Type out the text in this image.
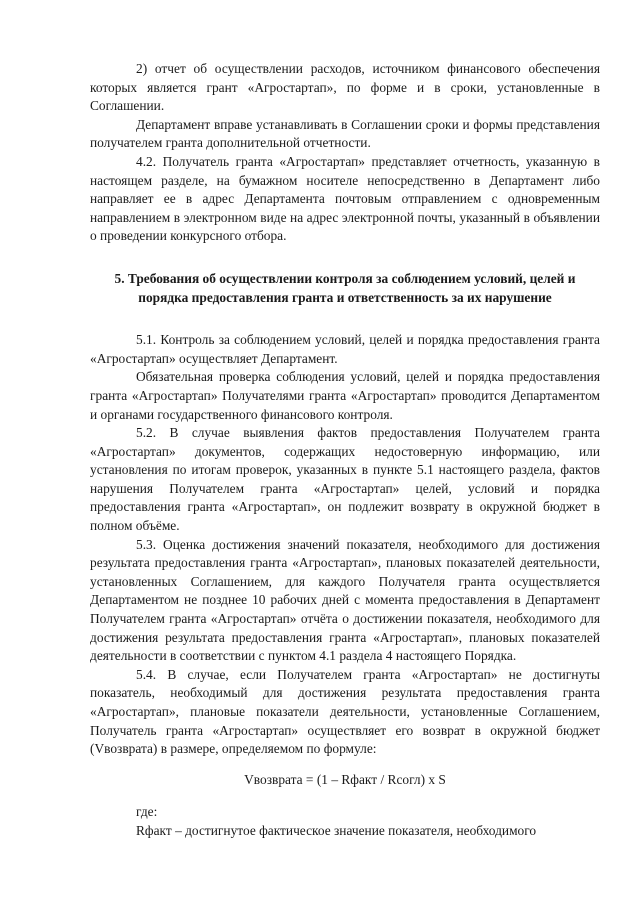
2) отчет об осуществлении расходов, источником финансового обеспечения которых является грант «Агростартап», по форме и в сроки, установленные в Соглашении.

Департамент вправе устанавливать в Соглашении сроки и формы представления получателем гранта дополнительной отчетности.

4.2. Получатель гранта «Агростартап» представляет отчетность, указанную в настоящем разделе, на бумажном носителе непосредственно в Департамент либо направляет ее в адрес Департамента почтовым отправлением с одновременным направлением в электронном виде на адрес электронной почты, указанный в объявлении о проведении конкурсного отбора.

5. Требования об осуществлении контроля за соблюдением условий, целей и порядка предоставления гранта и ответственность за их нарушение

5.1. Контроль за соблюдением условий, целей и порядка предоставления гранта «Агростартап» осуществляет Департамент.

Обязательная проверка соблюдения условий, целей и порядка предоставления гранта «Агростартап» Получателями гранта «Агростартап» проводится Департаментом и органами государственного финансового контроля.

5.2. В случае выявления фактов предоставления Получателем гранта «Агростартап» документов, содержащих недостоверную информацию, или установления по итогам проверок, указанных в пункте 5.1 настоящего раздела, фактов нарушения Получателем гранта «Агростартап» целей, условий и порядка предоставления гранта «Агростартап», он подлежит возврату в окружной бюджет в полном объёме.

5.3. Оценка достижения значений показателя, необходимого для достижения результата предоставления гранта «Агростартап», плановых показателей деятельности, установленных Соглашением, для каждого Получателя гранта осуществляется Департаментом не позднее 10 рабочих дней с момента предоставления в Департамент Получателем гранта «Агростартап» отчёта о достижении показателя, необходимого для достижения результата предоставления гранта «Агростартап», плановых показателей деятельности в соответствии с пунктом 4.1 раздела 4 настоящего Порядка.

5.4. В случае, если Получателем гранта «Агростартап» не достигнуты показатель, необходимый для достижения результата предоставления гранта «Агростартап», плановые показатели деятельности, установленные Соглашением, Получатель гранта «Агростартап» осуществляет его возврат в окружной бюджет (Vвозврата) в размере, определяемом по формуле:

Vвозврата = (1 – Rфакт / Rсогл) x S

где:

Rфакт – достигнутое фактическое значение показателя, необходимого
